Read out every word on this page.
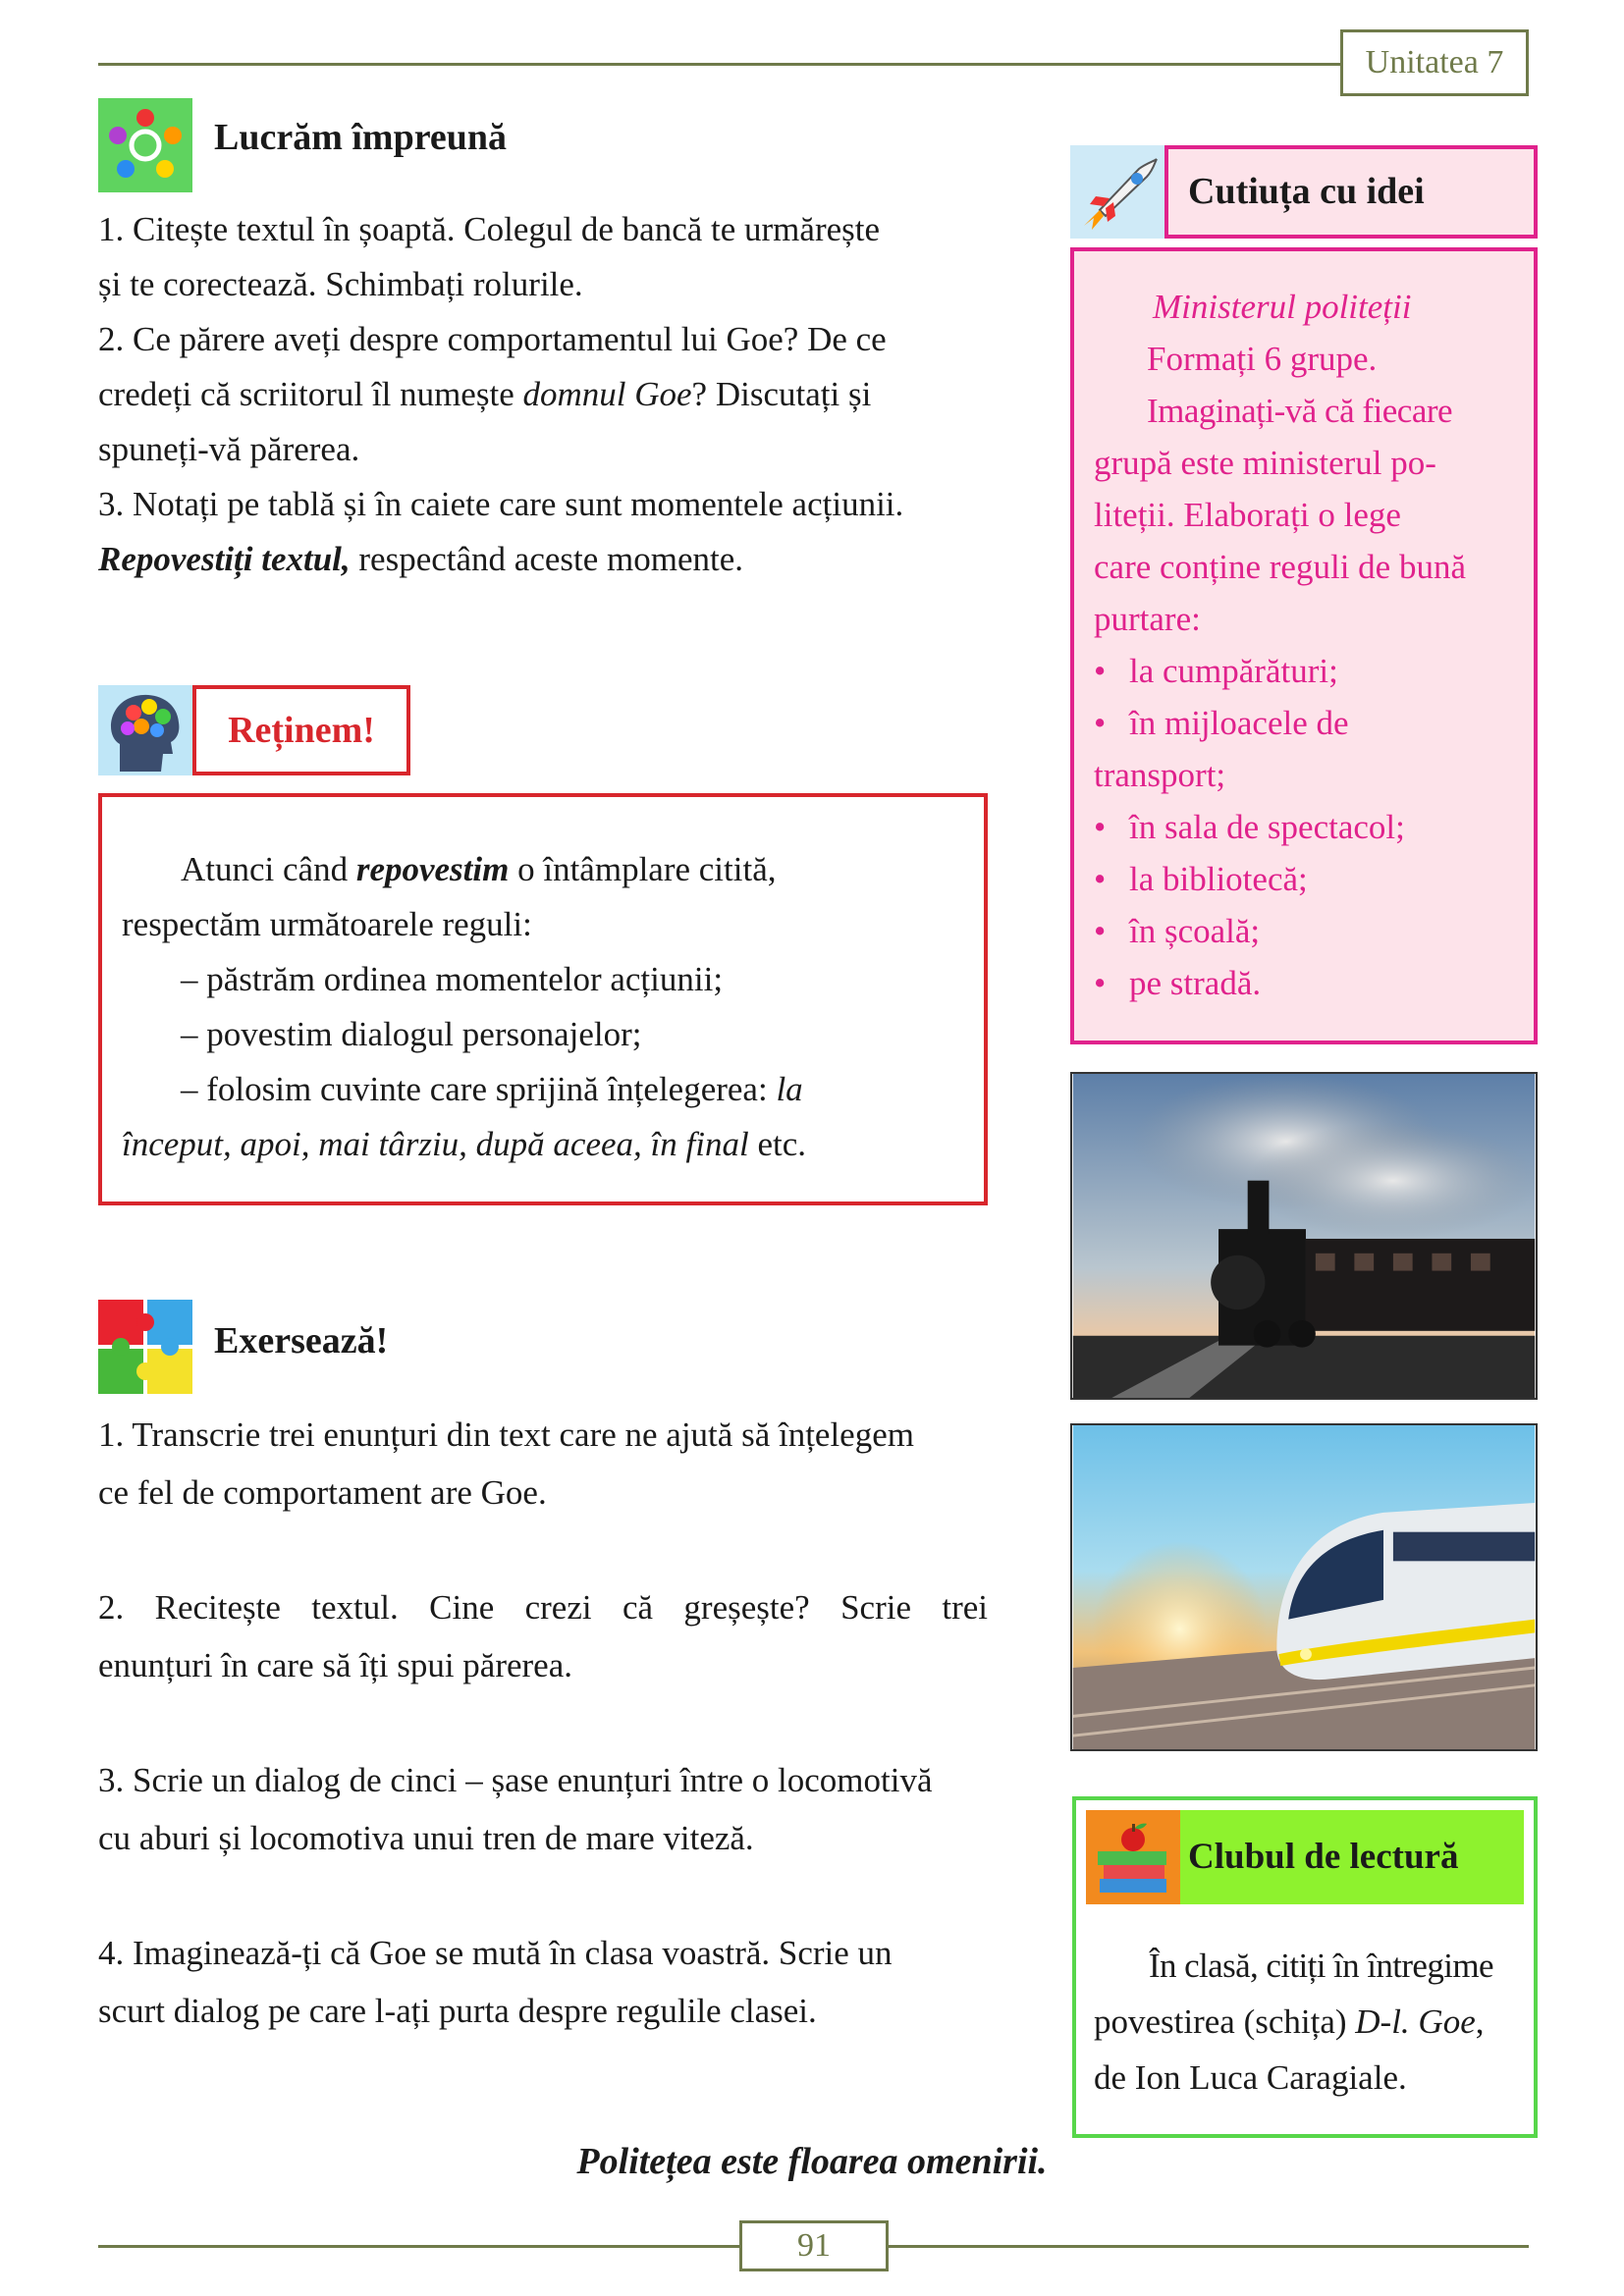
Unitatea 7
Lucrăm împreună

1. Citește textul în șoaptă. Colegul de bancă te urmărește

și te corectează. Schimbați rolurile.

2. Ce părere aveți despre comportamentul lui Goe? De ce

credeți că scriitorul îl numește domnul Goe? Discutați și

spuneți-vă părerea.

3. Notați pe tablă și în caiete care sunt momentele acțiunii.

Repovestiți textul, respectând aceste momente.

Reținem!

Atunci când repovestim o întâmplare citită,

respectăm următoarele reguli:

– păstrăm ordinea momentelor acțiunii;

– povestim dialogul personajelor;

– folosim cuvinte care sprijină înțelegerea: la

început, apoi, mai târziu, după aceea, în final etc.

Exersează!

1. Transcrie trei enunțuri din text care ne ajută să înțelegem

ce fel de comportament are Goe.

2. Recitește textul. Cine crezi că greșește? Scrie trei

enunțuri în care să îți spui părerea.

3. Scrie un dialog de cinci – șase enunțuri între o locomotivă

cu aburi și locomotiva unui tren de mare viteză.

4. Imaginează-ți că Goe se mută în clasa voastră. Scrie un

scurt dialog pe care l-ați purta despre regulile clasei.

Cutiuța cu idei

Ministerul politeții

Formați 6 grupe.

Imaginați-vă că fiecare

grupă este ministerul po-

liteții. Elaborați o lege

care conține reguli de bună

purtare:

• la cumpărături;

• în mijloacele de

transport;

• în sala de spectacol;

• la bibliotecă;

• în școală;

• pe stradă.

Clubul de lectură

În clasă, citiți în întregime

povestirea (schița) D-l. Goe,

de Ion Luca Caragiale.

Politețea este floarea omenirii.
91
